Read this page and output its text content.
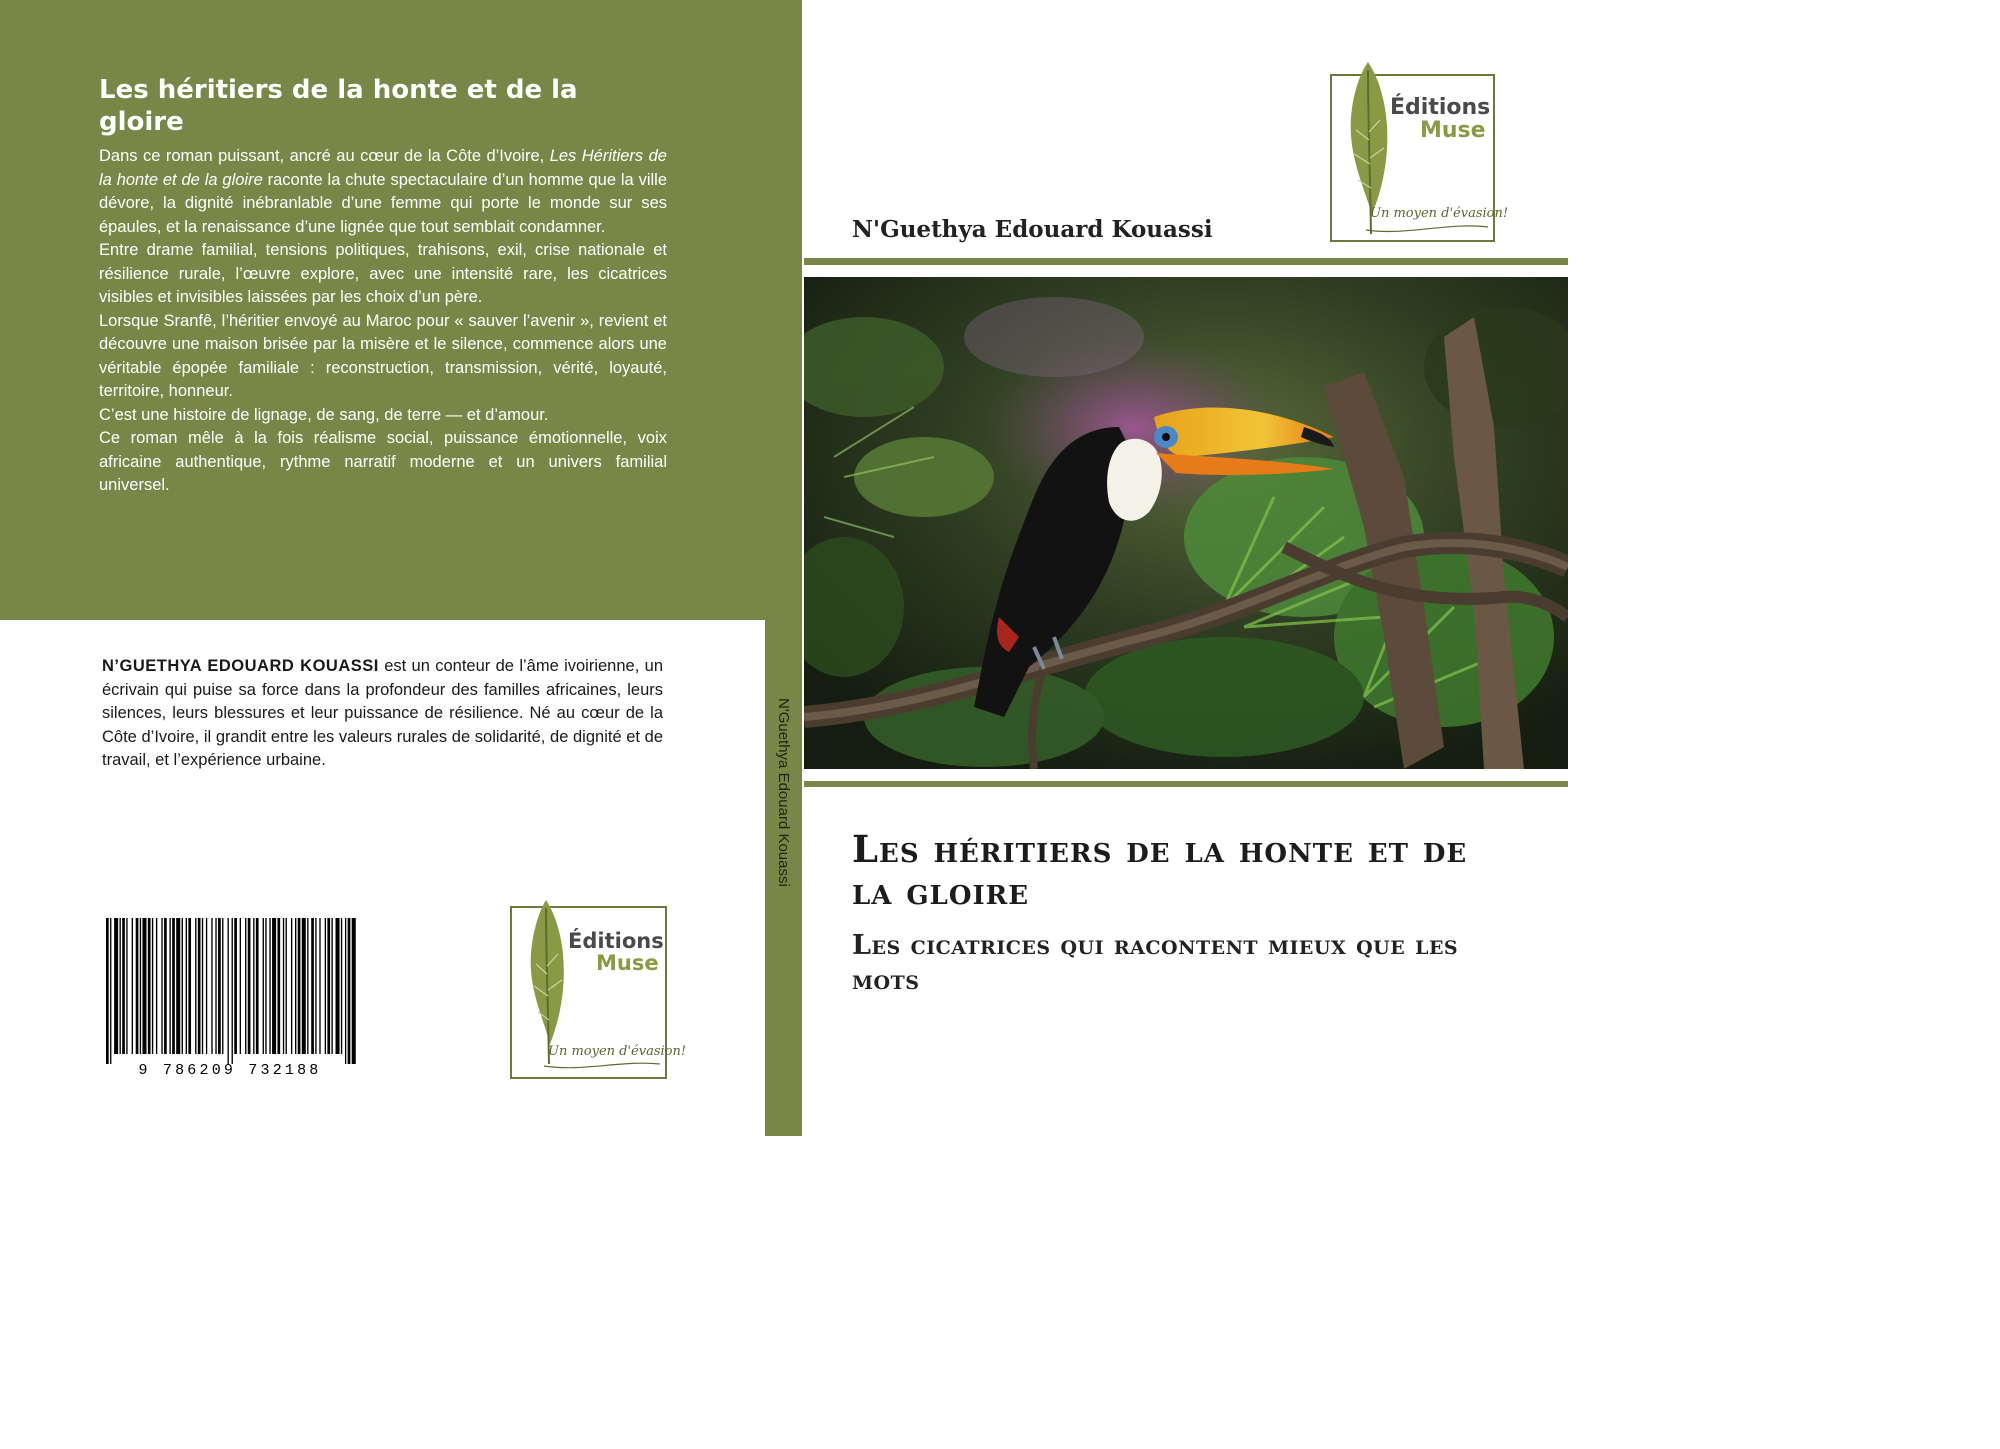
Les héritiers de la honte et de la gloire

Dans ce roman puissant, ancré au cœur de la Côte d’Ivoire, Les Héritiers de la honte et de la gloire raconte la chute spectaculaire d’un homme que la ville dévore, la dignité inébranlable d’une femme qui porte le monde sur ses épaules, et la renaissance d’une lignée que tout semblait condamner.

Entre drame familial, tensions politiques, trahisons, exil, crise nationale et résilience rurale, l’œuvre explore, avec une intensité rare, les cicatrices visibles et invisibles laissées par les choix d’un père.

Lorsque Sranfê, l’héritier envoyé au Maroc pour « sauver l’avenir », revient et découvre une maison brisée par la misère et le silence, commence alors une véritable épopée familiale : reconstruction, transmission, vérité, loyauté, territoire, honneur.

C’est une histoire de lignage, de sang, de terre — et d’amour.

Ce roman mêle à la fois réalisme social, puissance émotionnelle, voix africaine authentique, rythme narratif moderne et un univers familial universel.

N’GUETHYA EDOUARD KOUASSI est un conteur de l’âme ivoirienne, un écrivain qui puise sa force dans la profondeur des familles africaines, leurs silences, leurs blessures et leur puissance de résilience. Né au cœur de la Côte d’Ivoire, il grandit entre les valeurs rurales de solidarité, de dignité et de travail, et l’expérience urbaine.

9 786209 732188
Éditions
Muse
Un moyen d'évasion!
N'Guethya Edouard Kouassi
Éditions
Muse
Un moyen d'évasion!
N'Guethya Edouard Kouassi
Les héritiers de la honte et de la gloire
Les cicatrices qui racontent mieux que les mots
